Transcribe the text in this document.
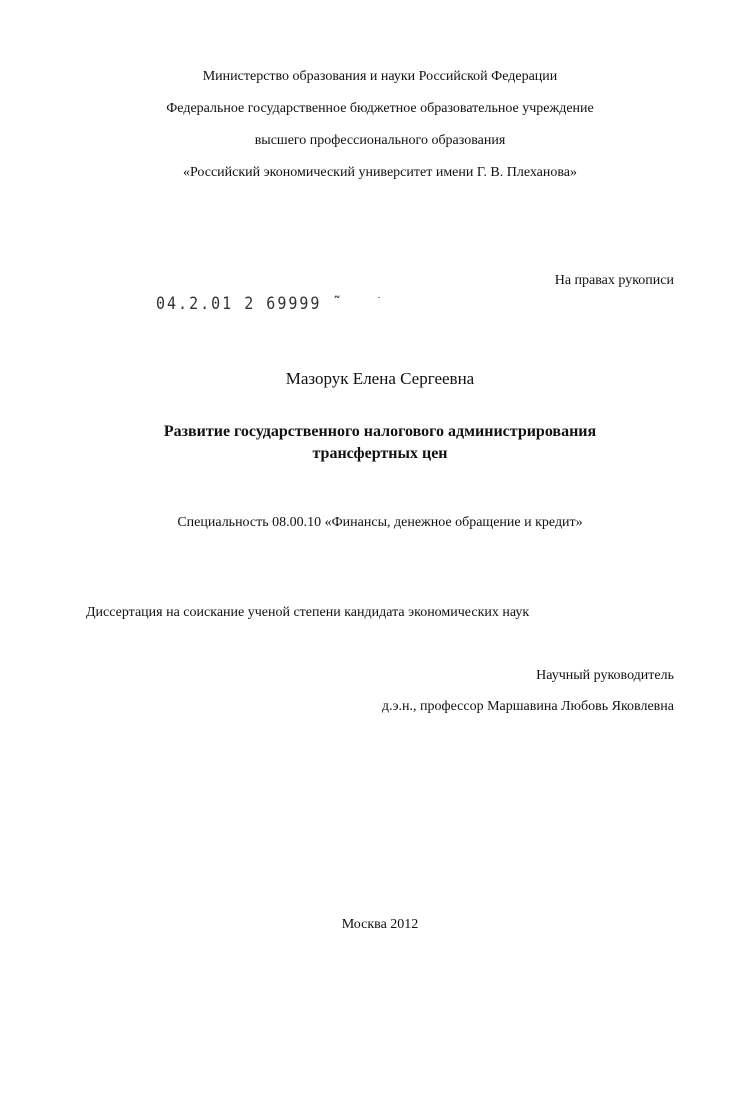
Министерство образования и науки Российской Федерации
Федеральное государственное бюджетное образовательное учреждение
высшего профессионального образования
«Российский экономический университет имени Г. В. Плеханова»
На правах рукописи
04.2.01 2 69999 ˜
Мазорук Елена Сергеевна
Развитие государственного налогового администрирования
трансфертных цен
Специальность 08.00.10 «Финансы, денежное обращение и кредит»
Диссертация на соискание ученой степени кандидата экономических наук
Научный руководитель
д.э.н., профессор Маршавина Любовь Яковлевна
Москва 2012
